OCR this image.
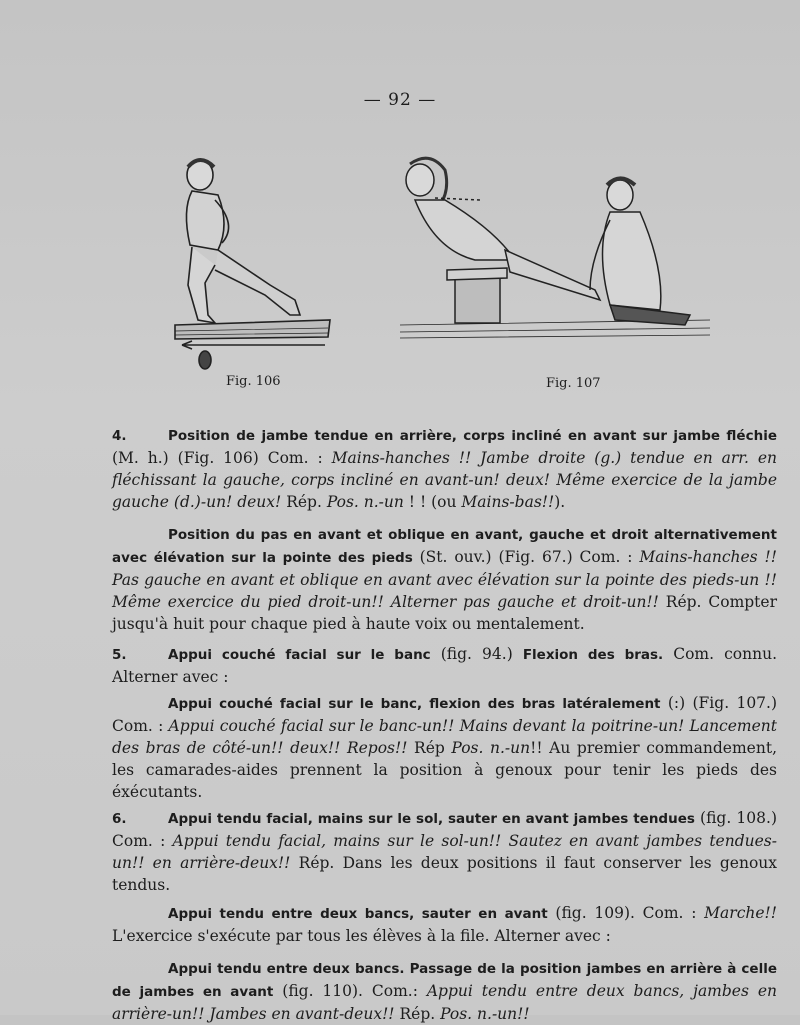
— 92 —
Fig. 106	Fig. 107

4.	Position de jambe tendue en arrière, corps incliné en avant sur jambe fléchie (M. h.) (Fig. 106) Com. : Mains-hanches !! Jambe droite (g.) tendue en arr. en fléchissant la gauche, corps incliné en avant-un! deux! Même exercice de la jambe gauche (d.)-un! deux! Rép. Pos. n.-un ! ! (ou Mains-bas!!).

Position du pas en avant et oblique en avant, gauche et droit alternativement avec élévation sur la pointe des pieds (St. ouv.) (Fig. 67.) Com. : Mains-hanches !! Pas gauche en avant et oblique en avant avec élévation sur la pointe des pieds-un !! Même exercice du pied droit-un!! Alterner pas gauche et droit-un!! Rép. Compter jusqu'à huit pour chaque pied à haute voix ou mentalement.

5.	Appui couché facial sur le banc (fig. 94.) Flexion des bras. Com. connu. Alterner avec :

Appui couché facial sur le banc, flexion des bras latéralement (:) (Fig. 107.) Com. : Appui couché facial sur le banc-un!! Mains devant la poitrine-un! Lancement des bras de côté-un!! deux!! Repos!! Rép Pos. n.-un!! Au premier commandement, les camarades-aides prennent la position à genoux pour tenir les pieds des éxécutants.

6.	Appui tendu facial, mains sur le sol, sauter en avant jambes tendues (fig. 108.) Com. : Appui tendu facial, mains sur le sol-un!! Sautez en avant jambes tendues-un!! en arrière-deux!! Rép. Dans les deux positions il faut conserver les genoux tendus.

Appui tendu entre deux bancs, sauter en avant (fig. 109). Com. : Marche!! L'exercice s'exécute par tous les élèves à la file. Alterner avec :

Appui tendu entre deux bancs. Passage de la position jambes en arrière à celle de jambes en avant (fig. 110). Com.: Appui tendu entre deux bancs, jambes en arrière-un!! Jambes en avant-deux!! Rép. Pos. n.-un!!
